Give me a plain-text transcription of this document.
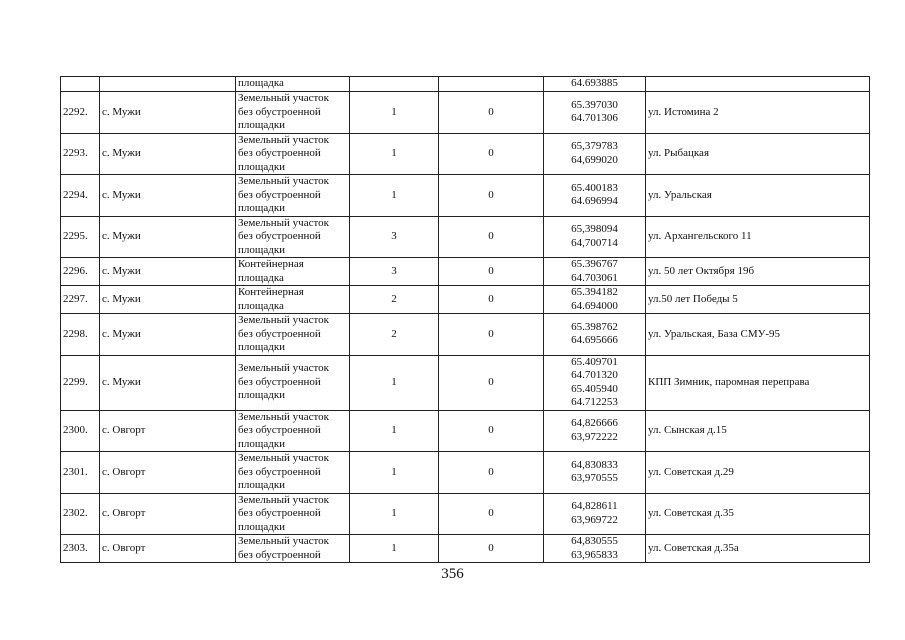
		площадка			64.693885	

2292.	с. Мужи	Земельный участок
без обустроенной
площадки	1	0	65.397030
64.701306	ул. Истомина 2
2293.	с. Мужи	Земельный участок
без обустроенной
площадки	1	0	65,379783
64,699020	ул. Рыбацкая
2294.	с. Мужи	Земельный участок
без обустроенной
площадки	1	0	65.400183
64.696994	ул. Уральская
2295.	с. Мужи	Земельный участок
без обустроенной
площадки	3	0	65,398094
64,700714	ул. Архангельского 11
2296.	с. Мужи	Контейнерная
площадка	3	0	65.396767
64.703061	ул. 50 лет Октября 19б
2297.	с. Мужи	Контейнерная
площадка	2	0	65.394182
64.694000	ул.50 лет Победы 5
2298.	с. Мужи	Земельный участок
без обустроенной
площадки	2	0	65.398762
64.695666	ул. Уральская, База СМУ-95
2299.	с. Мужи	Земельный участок
без обустроенной
площадки	1	0	65.409701
64.701320
65.405940
64.712253	КПП Зимник, паромная переправа
2300.	с. Овгорт	Земельный участок
без обустроенной
площадки	1	0	64,826666
63,972222	ул. Сынская д.15
2301.	с. Овгорт	Земельный участок
без обустроенной
площадки	1	0	64,830833
63,970555	ул. Советская д.29
2302.	с. Овгорт	Земельный участок
без обустроенной
площадки	1	0	64,828611
63,969722	ул. Советская д.35
2303.	с. Овгорт	Земельный участок
без обустроенной	1	0	64,830555
63,965833	ул. Советская д.35а
356
